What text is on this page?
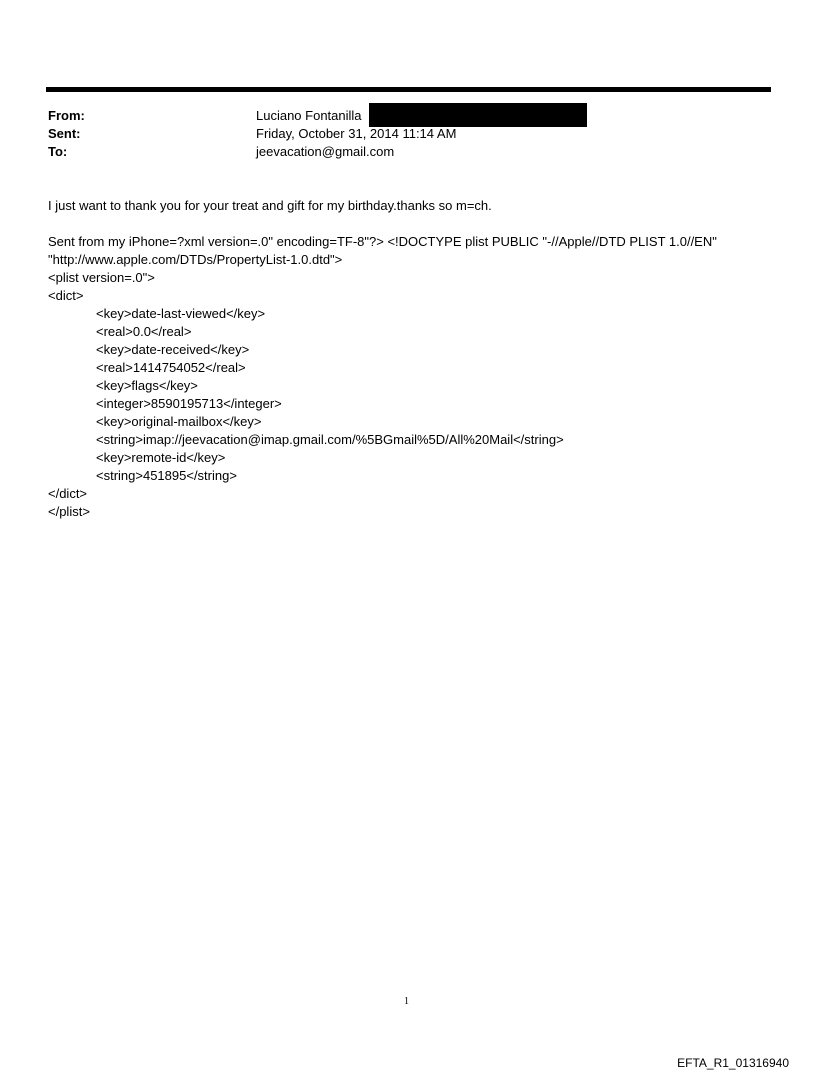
From:	Luciano Fontanilla
Sent:	Friday, October 31, 2014 11:14 AM
To:	jeevacation@gmail.com
I just want to thank you for your treat and gift for my birthday.thanks so m=ch.
Sent from my iPhone=?xml version=.0" encoding=TF-8"?> <!DOCTYPE plist PUBLIC "-//Apple//DTD PLIST 1.0//EN"
"http://www.apple.com/DTDs/PropertyList-1.0.dtd">
<plist version=.0">
<dict>
<key>date-last-viewed</key>
<real>0.0</real>
<key>date-received</key>
<real>1414754052</real>
<key>flags</key>
<integer>8590195713</integer>
<key>original-mailbox</key>
<string>imap://jeevacation@imap.gmail.com/%5BGmail%5D/All%20Mail</string>
<key>remote-id</key>
<string>451895</string>
</dict>
</plist>
1
EFTA_R1_01316940
